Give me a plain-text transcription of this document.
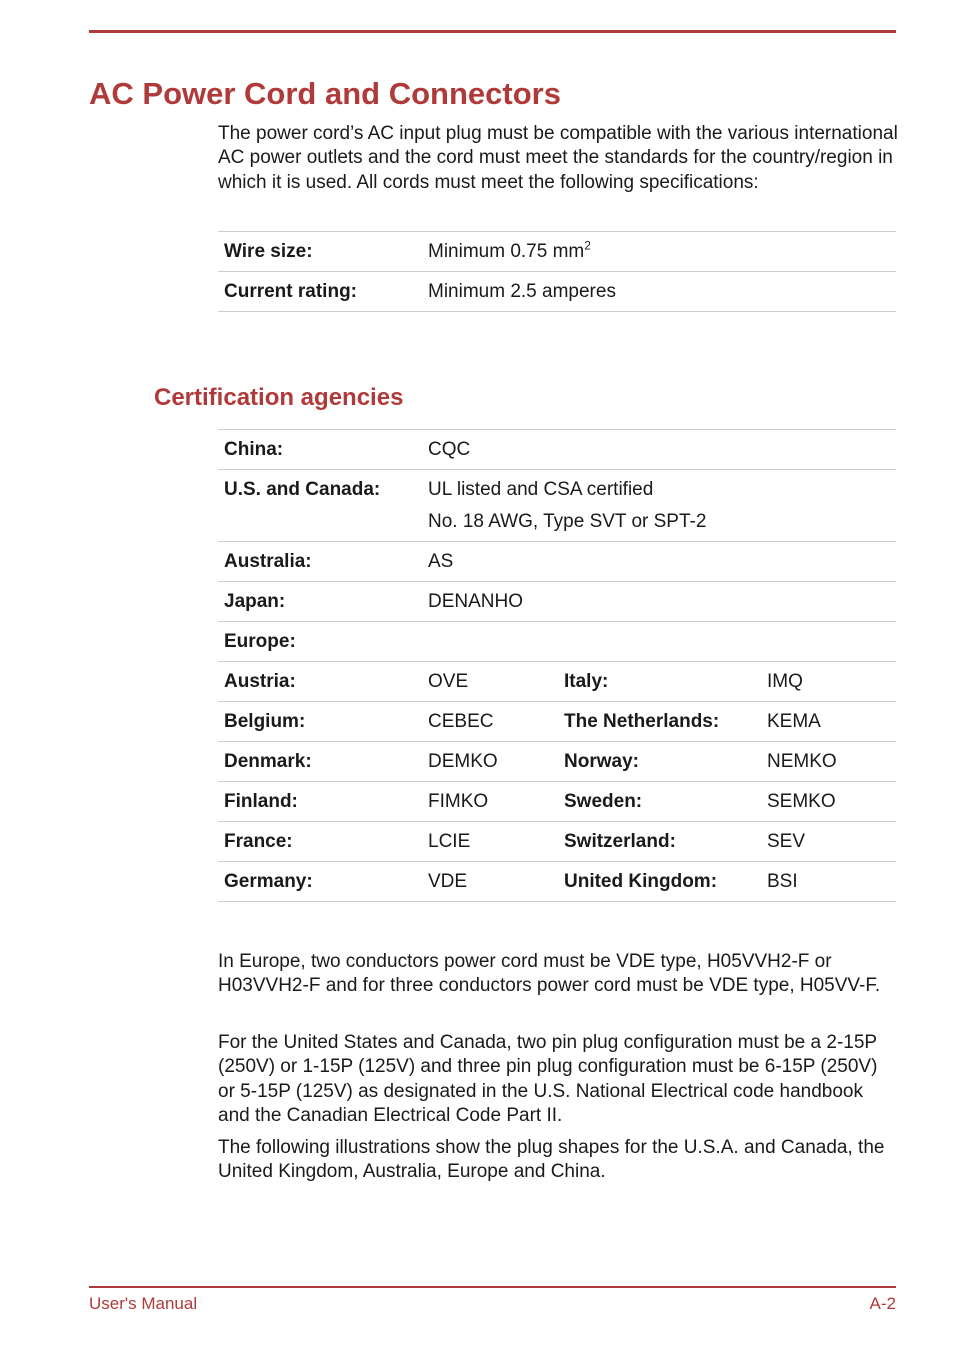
AC Power Cord and Connectors

The power cord’s AC input plug must be compatible with the various international AC power outlets and the cord must meet the standards for the country/region in which it is used. All cords must meet the following specifications:

Wire size:	Minimum 0.75 $mm^2$
Current rating:	Minimum 2.5 amperes
Certification agencies
China:	CQC
U.S. and Canada:	UL listed and CSA certified
No. 18 AWG, Type SVT or SPT-2
Australia:	AS
Japan:	DENANHO
Europe:
Austria:	OVE	Italy:	IMQ
Belgium:	CEBEC	The Netherlands:	KEMA
Denmark:	DEMKO	Norway:	NEMKO
Finland:	FIMKO	Sweden:	SEMKO
France:	LCIE	Switzerland:	SEV
Germany:	VDE	United Kingdom:	BSI

In Europe, two conductors power cord must be VDE type, H05VVH2-F or H03VVH2-F and for three conductors power cord must be VDE type, H05VV-F.

For the United States and Canada, two pin plug configuration must be a 2-15P (250V) or 1-15P (125V) and three pin plug configuration must be 6-15P (250V) or 5-15P (125V) as designated in the U.S. National Electrical code handbook and the Canadian Electrical Code Part II.

The following illustrations show the plug shapes for the U.S.A. and Canada, the United Kingdom, Australia, Europe and China.

User's Manual	A-2
